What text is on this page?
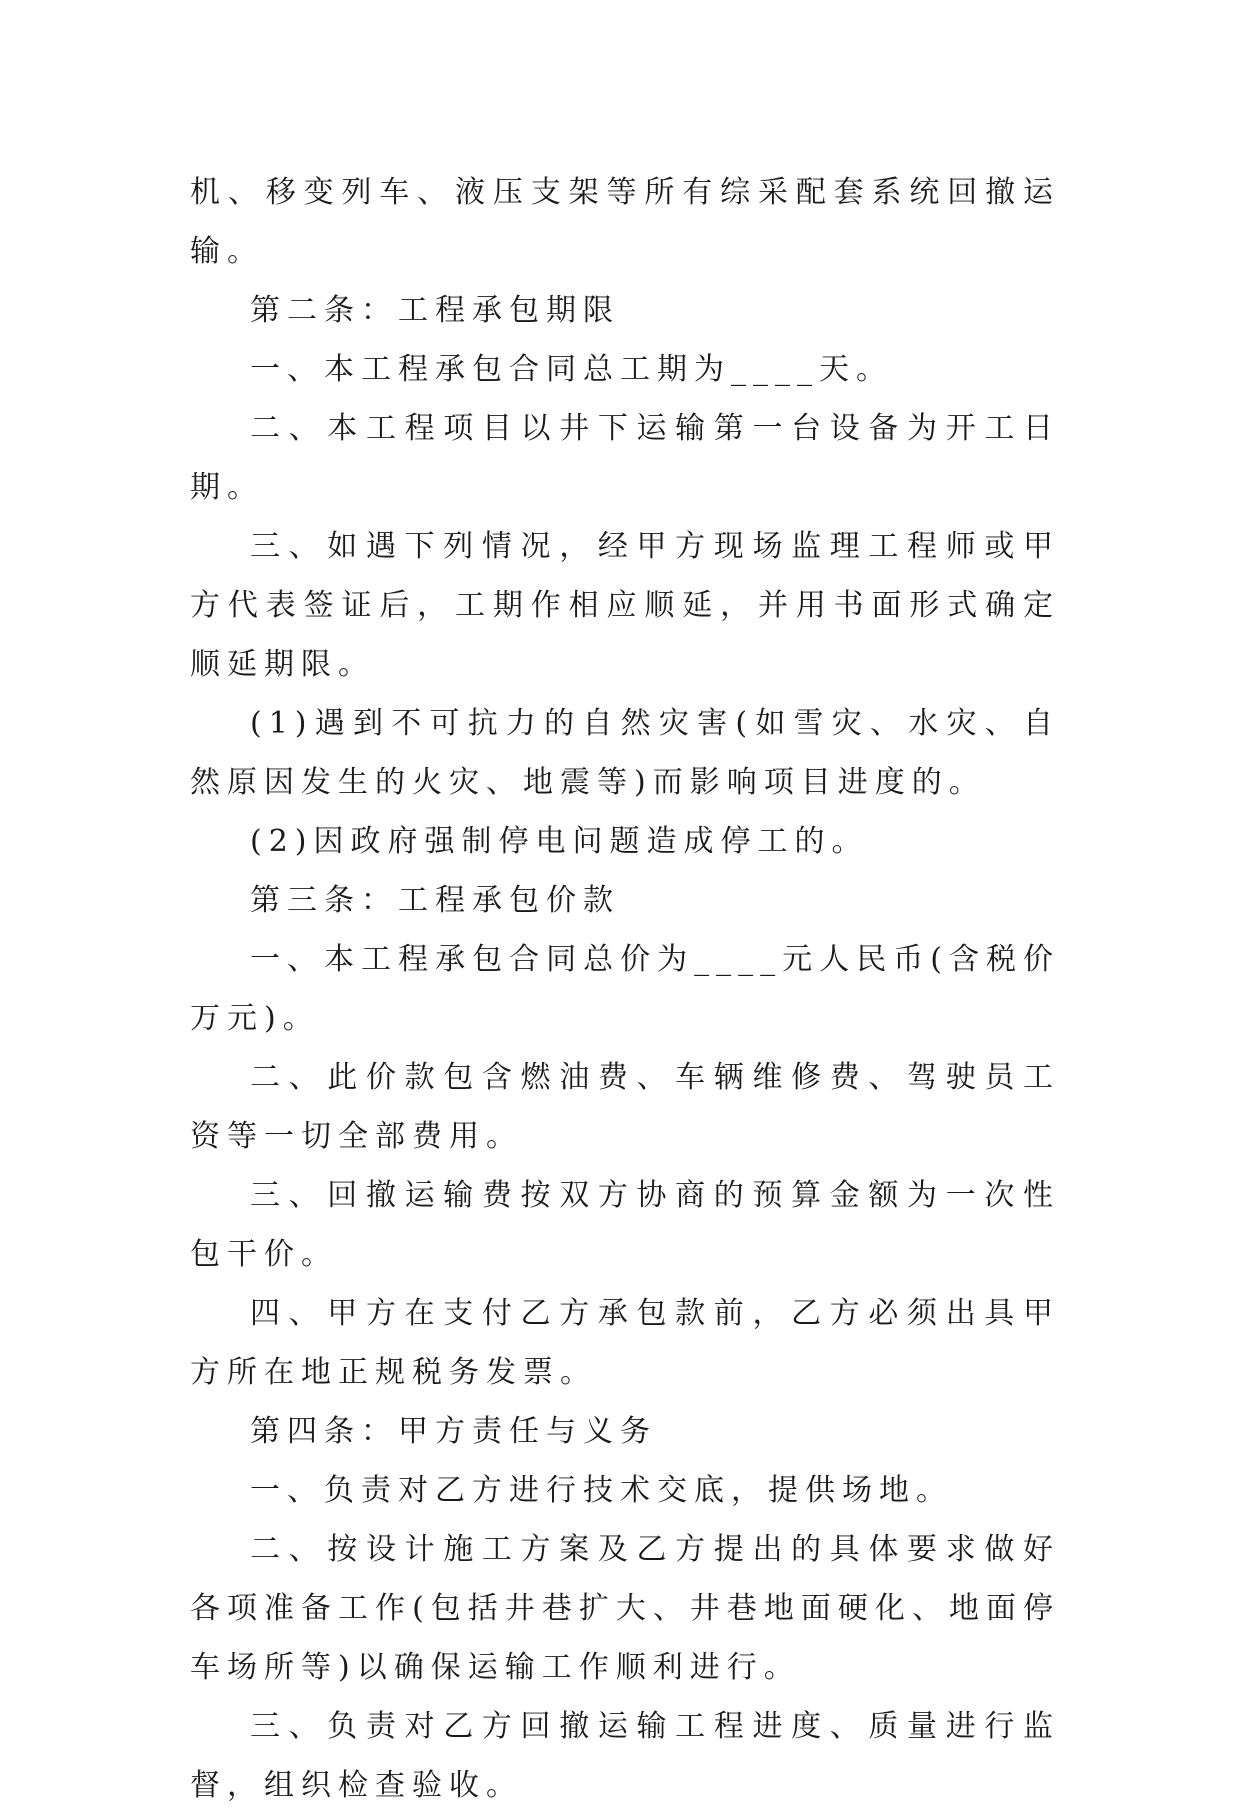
机、移变列车、液压支架等所有综采配套系统回撤运输。

第二条：工程承包期限

一、本工程承包合同总工期为____天。

二、本工程项目以井下运输第一台设备为开工日期。

三、如遇下列情况，经甲方现场监理工程师或甲方代表签证后，工期作相应顺延，并用书面形式确定顺延期限。

(1)遇到不可抗力的自然灾害(如雪灾、水灾、自然原因发生的火灾、地震等)而影响项目进度的。

(2)因政府强制停电问题造成停工的。

第三条：工程承包价款

一、本工程承包合同总价为____元人民币(含税价万元)。

二、此价款包含燃油费、车辆维修费、驾驶员工资等一切全部费用。

三、回撤运输费按双方协商的预算金额为一次性包干价。

四、甲方在支付乙方承包款前，乙方必须出具甲方所在地正规税务发票。

第四条：甲方责任与义务

一、负责对乙方进行技术交底，提供场地。

二、按设计施工方案及乙方提出的具体要求做好各项准备工作(包括井巷扩大、井巷地面硬化、地面停车场所等)以确保运输工作顺利进行。

三、负责对乙方回撤运输工程进度、质量进行监督，组织检查验收。
